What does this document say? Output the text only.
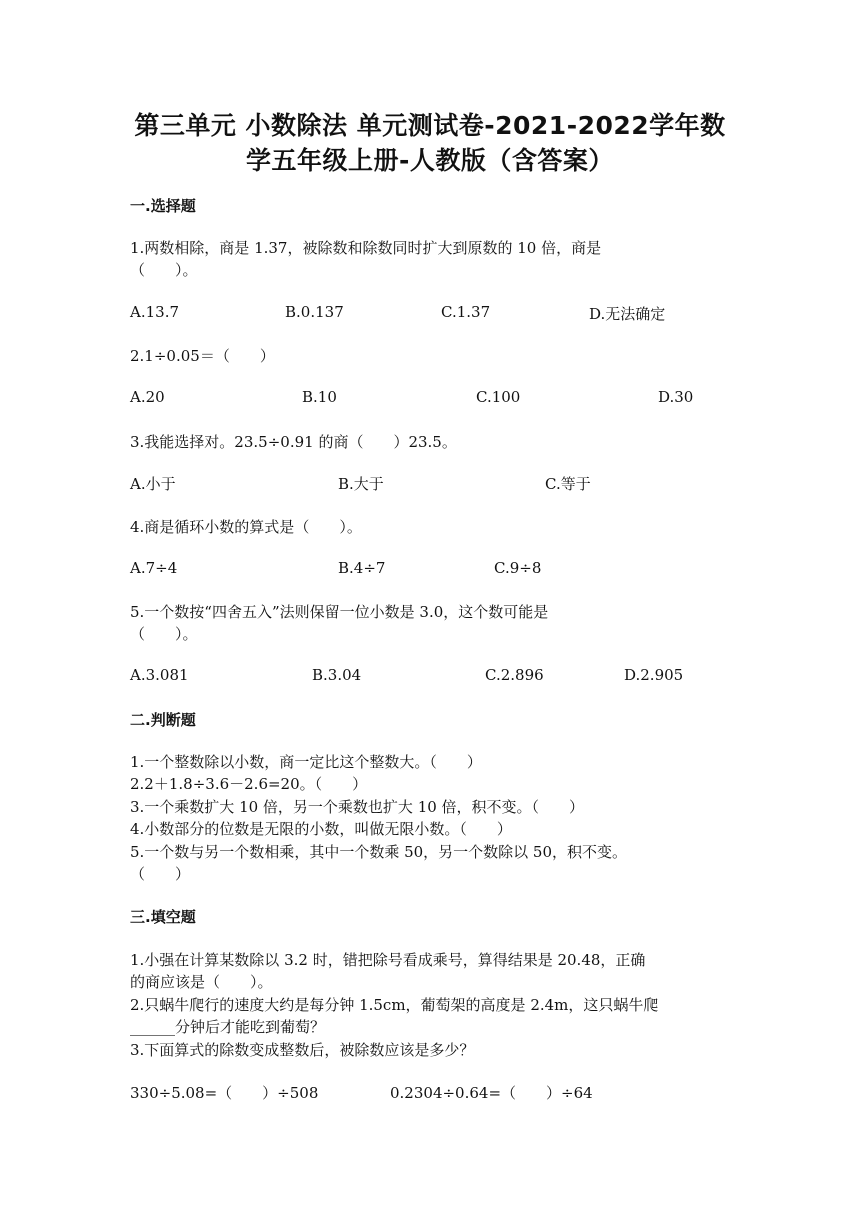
第三单元 小数除法 单元测试卷-2021-2022学年数
学五年级上册-人教版（含答案）
一.选择题
1.两数相除，商是 1.37，被除数和除数同时扩大到原数的 10 倍，商是
（　　）。
A.13.7	B.0.137	C.1.37	D.无法确定
2.1÷0.05＝（　　）
A.20	B.10	C.100	D.30
3.我能选择对。23.5÷0.91 的商（　　）23.5。
A.小于	B.大于	C.等于
4.商是循环小数的算式是（　　）。
A.7÷4	B.4÷7	C.9÷8
5.一个数按“四舍五入”法则保留一位小数是 3.0，这个数可能是
（　　）。
A.3.081	B.3.04	C.2.896	D.2.905
二.判断题
1.一个整数除以小数，商一定比这个整数大。（　　）
2.2＋1.8÷3.6－2.6=20。（　　）
3.一个乘数扩大 10 倍，另一个乘数也扩大 10 倍，积不变。（　　）
4.小数部分的位数是无限的小数，叫做无限小数。（　　）
5.一个数与另一个数相乘，其中一个数乘 50，另一个数除以 50，积不变。
（　　）
三.填空题
1.小强在计算某数除以 3.2 时，错把除号看成乘号，算得结果是 20.48，正确
的商应该是（　　）。
2.只蜗牛爬行的速度大约是每分钟 1.5cm，葡萄架的高度是 2.4m，这只蜗牛爬
______分钟后才能吃到葡萄？
3.下面算式的除数变成整数后，被除数应该是多少？
330÷5.08=（　　）÷508	0.2304÷0.64=（　　）÷64
